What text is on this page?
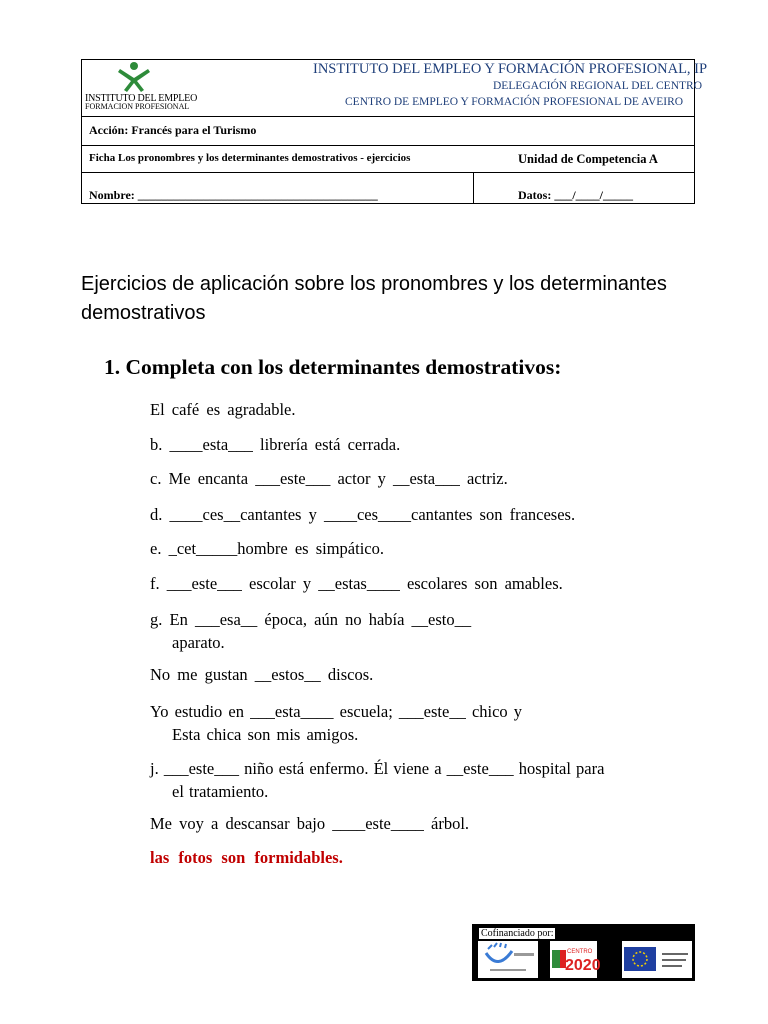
INSTITUTO DEL EMPLEO
FORMACION PROFESIONAL
INSTITUTO DEL EMPLEO Y FORMACIÓN PROFESIONAL, IP
DELEGACIÓN REGIONAL DEL CENTRO
CENTRO DE EMPLEO Y FORMACIÓN PROFESIONAL DE AVEIRO
Acción: Francés para el Turismo
Ficha Los pronombres y los determinantes demostrativos - ejercicios	Unidad de Competencia A
Nombre: ________________________________________	Datos: ___/____/_____
Ejercicios de aplicación sobre los pronombres y los determinantes demostrativos
1. Completa con los determinantes demostrativos:
El café es agradable.
b. ____esta___ librería está cerrada.
c. Me encanta ___este___ actor y __esta___ actriz.
d. ____ces__cantantes y ____ces____cantantes son franceses.
e. _cet_____hombre es simpático.
f. ___este___ escolar y __estas____ escolares son amables.
g. En ___esa__ época, aún no había __esto__
aparato.
No me gustan __estos__ discos.
Yo estudio en ___esta____ escuela; ___este__ chico y
Esta chica son mis amigos.
j. ___este___ niño está enfermo. Él viene a __este___ hospital para
el tratamiento.
Me voy a descansar bajo ____este____ árbol.
las fotos son formidables.
Cofinanciado por:
CENTRO
2020
